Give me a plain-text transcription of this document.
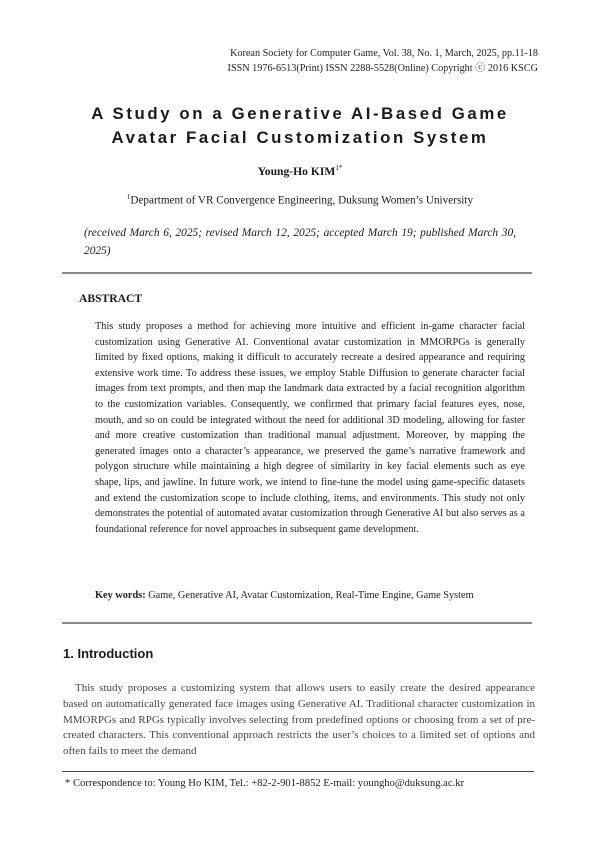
Korean Society for Computer Game, Vol. 38, No. 1, March, 2025, pp.11-18
ISSN 1976-6513(Print) ISSN 2288-5528(Online) Copyright ⓒ 2016 KSCG
A Study on a Generative AI-Based Game
Avatar Facial Customization System
Young-Ho $KIM^{1*}$
$^1$Department of VR Convergence Engineering, Duksung Women’s University
(received March 6, 2025; revised March 12, 2025; accepted March 19; published March 30, 2025)
ABSTRACT

This study proposes a method for achieving more intuitive and efficient in-game character facial customization using Generative AI. Conventional avatar customization in MMORPGs is generally limited by fixed options, making it difficult to accurately recreate a desired appearance and requiring extensive work time. To address these issues, we employ Stable Diffusion to generate character facial images from text prompts, and then map the landmark data extracted by a facial recognition algorithm to the customization variables. Consequently, we confirmed that primary facial features eyes, nose, mouth, and so on could be integrated without the need for additional 3D modeling, allowing for faster and more creative customization than traditional manual adjustment. Moreover, by mapping the generated images onto a character’s appearance, we preserved the game’s narrative framework and polygon structure while maintaining a high degree of similarity in key facial elements such as eye shape, lips, and jawline. In future work, we intend to fine-tune the model using game-specific datasets and extend the customization scope to include clothing, items, and environments. This study not only demonstrates the potential of automated avatar customization through Generative AI but also serves as a foundational reference for novel approaches in subsequent game development.

Key words: Game, Generative AI, Avatar Customization, Real-Time Engine, Game System

1. Introduction

This study proposes a customizing system that allows users to easily create the desired appearance based on automatically generated face images using Generative AI. Traditional character customization in MMORPGs and RPGs typically involves selecting from predefined options or choosing from a set of pre-created characters. This conventional approach restricts the user’s choices to a limited set of options and often fails to meet the demand

* Correspondence to: Young Ho KIM, Tel.: +82-2-901-8852 E-mail: youngho@duksung.ac.kr
